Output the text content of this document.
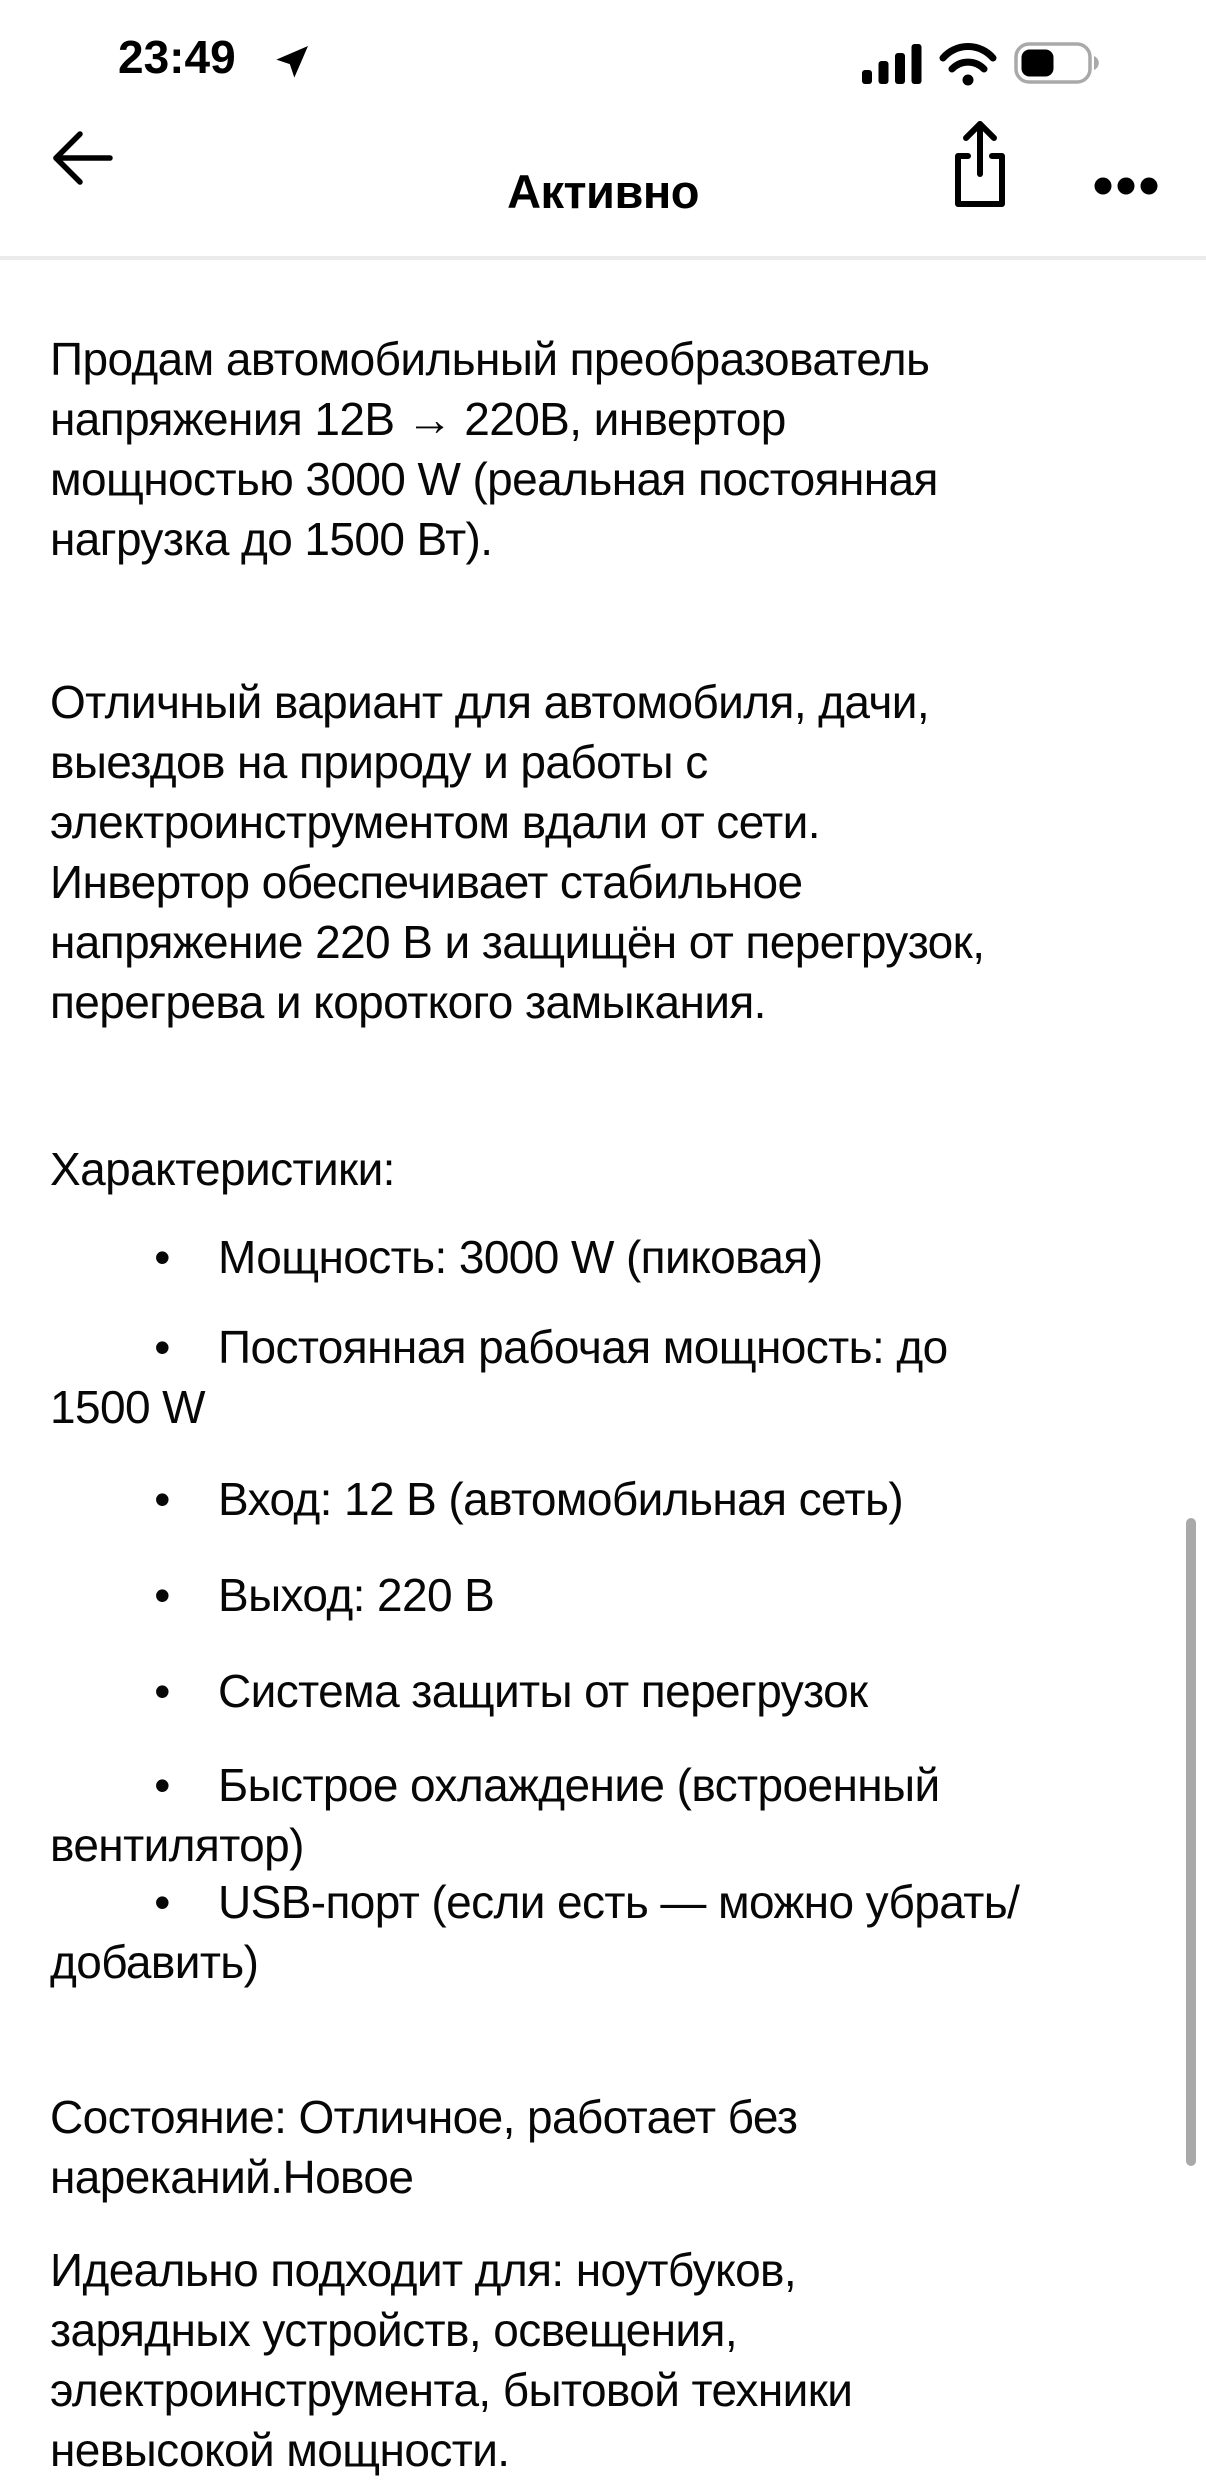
23:49
Активно
Продам автомобильный преобразователь
напряжения 12В → 220В, инвертор
мощностью 3000 W (реальная постоянная
нагрузка до 1500 Вт).
Отличный вариант для автомобиля, дачи,
выездов на природу и работы с
электроинструментом вдали от сети.
Инвертор обеспечивает стабильное
напряжение 220 В и защищён от перегрузок,
перегрева и короткого замыкания.
Характеристики:
• Мощность: 3000 W (пиковая)
• Постоянная рабочая мощность: до
1500 W
• Вход: 12 В (автомобильная сеть)
• Выход: 220 В
• Система защиты от перегрузок
• Быстрое охлаждение (встроенный
вентилятор)
• USB-порт (если есть — можно убрать/
добавить)
Состояние: Отличное, работает без
нареканий.Новое
Идеально подходит для: ноутбуков,
зарядных устройств, освещения,
электроинструмента, бытовой техники
невысокой мощности.
